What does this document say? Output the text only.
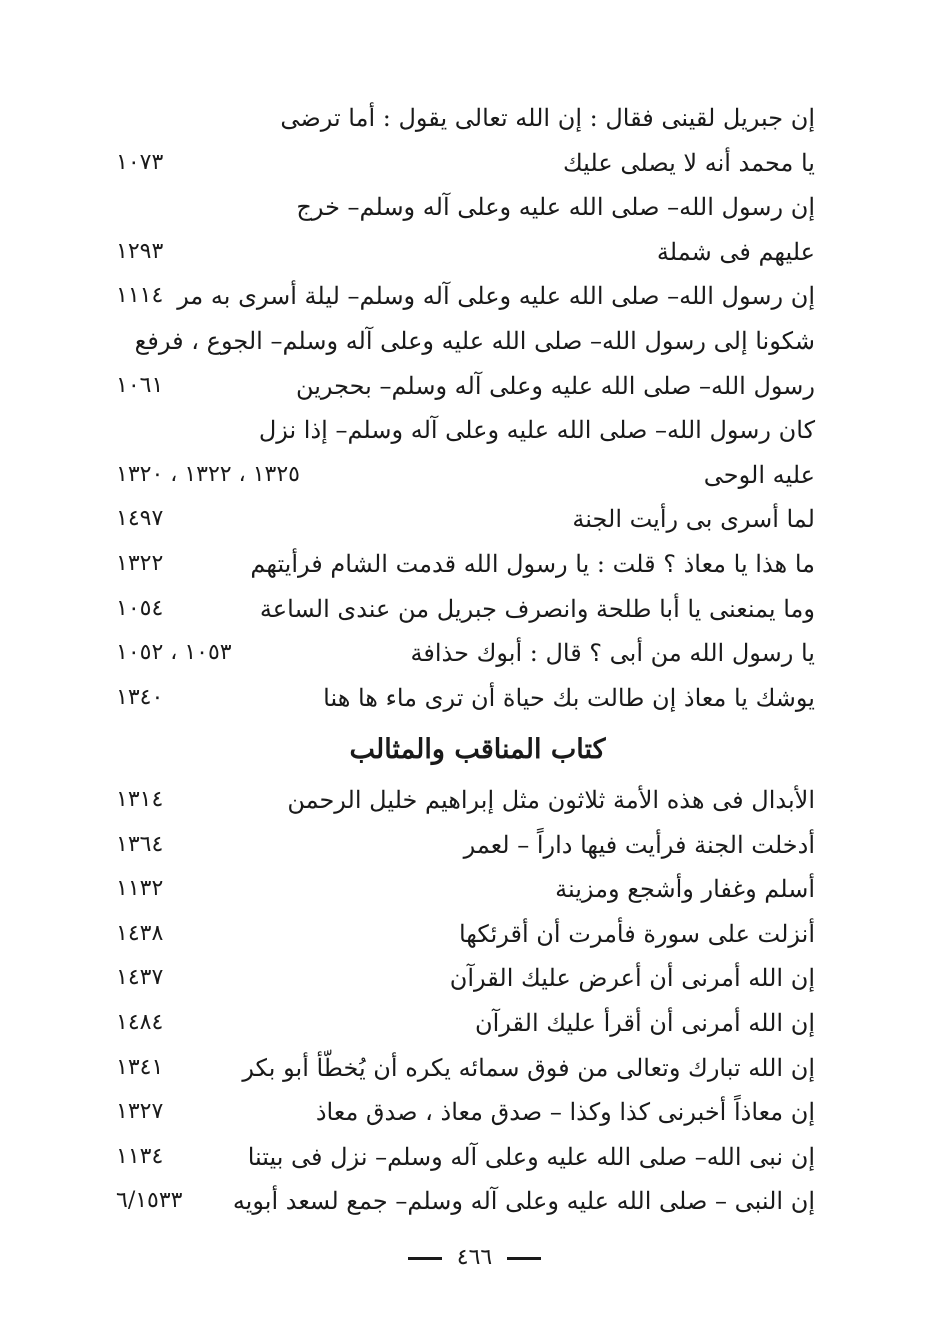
إن جبريل لقينى فقال : إن الله تعالى يقول : أما ترضى
يا محمد أنه لا يصلى عليك
١٠٧٣
إن رسول الله– صلى الله عليه وعلى آله وسلم– خرج
عليهم فى شملة
١٢٩٣
إن رسول الله– صلى الله عليه وعلى آله وسلم– ليلة أسرى به مر
١١١٤
شكونا إلى رسول الله– صلى الله عليه وعلى آله وسلم– الجوع ، فرفع
رسول الله– صلى الله عليه وعلى آله وسلم– بحجرين
١٠٦١
كان رسول الله– صلى الله عليه وعلى آله وسلم– إذا نزل
عليه الوحى
١٣٢٥ ، ١٣٢٢ ، ١٣٢٠
لما أسرى بى رأيت الجنة
١٤٩٧
ما هذا يا معاذ ؟ قلت : يا رسول الله قدمت الشام فرأيتهم
١٣٢٢
وما يمنعنى يا أبا طلحة وانصرف جبريل من عندى الساعة
١٠٥٤
يا رسول الله من أبى ؟ قال : أبوك حذافة
١٠٥٣ ، ١٠٥٢
يوشك يا معاذ إن طالت بك حياة أن ترى ماء ها هنا
١٣٤٠
كتاب المناقب والمثالب
الأبدال فى هذه الأمة ثلاثون مثل إبراهيم خليل الرحمن
١٣١٤
أدخلت الجنة فرأيت فيها داراً – لعمر
١٣٦٤
أسلم وغفار وأشجع ومزينة
١١٣٢
أنزلت على سورة فأمرت أن أقرئكها
١٤٣٨
إن الله أمرنى أن أعرض عليك القرآن
١٤٣٧
إن الله أمرنى أن أقرأ عليك القرآن
١٤٨٤
إن الله تبارك وتعالى من فوق سمائه يكره أن يُخطّأ أبو بكر
١٣٤١
إن معاذاً أخبرنى كذا وكذا – صدق معاذ ، صدق معاذ
١٣٢٧
إن نبى الله– صلى الله عليه وعلى آله وسلم– نزل فى بيتنا
١١٣٤
إن النبى – صلى الله عليه وعلى آله وسلم– جمع لسعد أبويه
٦/١٥٣٣
٤٦٦
